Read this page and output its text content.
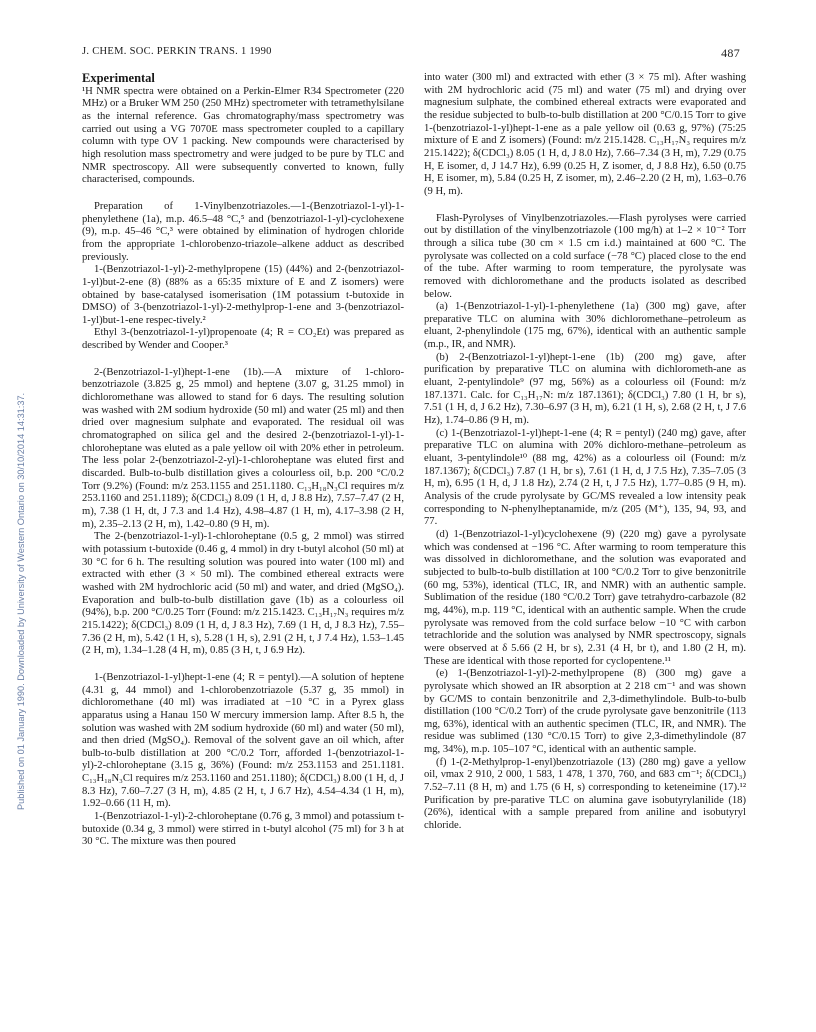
Published on 01 January 1990. Downloaded by University of Western Ontario on 30/10/2014 14:31:37.
J. CHEM. SOC. PERKIN TRANS. 1 1990	487
Experimental

¹H NMR spectra were obtained on a Perkin-Elmer R34 Spectrometer (220 MHz) or a Bruker WM 250 (250 MHz) spectrometer with tetramethylsilane as the internal reference. Gas chromatography/mass spectrometry was carried out using a VG 7070E mass spectrometer coupled to a capillary column with type OV 1 packing. New compounds were characterised by high resolution mass spectrometry and were judged to be pure by TLC and NMR spectroscopy. All were subsequently converted to known, fully characterised, compounds.

Preparation of 1-Vinylbenzotriazoles.—1-(Benzotriazol-1-yl)-1-phenylethene (1a), m.p. 46.5–48 °C,⁵ and (benzotriazol-1-yl)-cyclohexene (9), m.p. 45–46 °C,³ were obtained by elimination of hydrogen chloride from the appropriate 1-chlorobenzo-triazole–alkene adduct as described previously.

1-(Benzotriazol-1-yl)-2-methylpropene (15) (44%) and 2-(benzotriazol-1-yl)but-2-ene (8) (88% as a 65:35 mixture of E and Z isomers) were obtained by base-catalysed isomerisation (1M potassium t-butoxide in DMSO) of 3-(benzotriazol-1-yl)-2-methylprop-1-ene and 3-(benzotriazol-1-yl)but-1-ene respec-tively.²

Ethyl 3-(benzotriazol-1-yl)propenoate (4; R = CO₂Et) was prepared as described by Wender and Cooper.³

2-(Benzotriazol-1-yl)hept-1-ene (1b).—A mixture of 1-chloro-benzotriazole (3.825 g, 25 mmol) and heptene (3.07 g, 31.25 mmol) in dichloromethane was allowed to stand for 6 days. The resulting solution was washed with 2M sodium hydroxide (50 ml) and water (25 ml) and then dried over magnesium sulphate and evaporated. The residual oil was chromatographed on silica gel and the desired 2-(benzotriazol-1-yl)-1-chloroheptane was eluted as a pale yellow oil with 20% ether in petroleum. The less polar 2-(benzotriazol-2-yl)-1-chloroheptane was eluted first and discarded. Bulb-to-bulb distillation gives a colourless oil, b.p. 200 °C/0.2 Torr (9.2%) (Found: m/z 253.1155 and 251.1180. C₁₃H₁₈N₃Cl requires m/z 253.1160 and 251.1189); δ(CDCl₃) 8.09 (1 H, d, J 8.8 Hz), 7.57–7.47 (2 H, m), 7.38 (1 H, dt, J 7.3 and 1.4 Hz), 4.98–4.87 (1 H, m), 4.17–3.98 (2 H, m), 2.35–2.13 (2 H, m), 1.42–0.80 (9 H, m).

The 2-(benzotriazol-1-yl)-1-chloroheptane (0.5 g, 2 mmol) was stirred with potassium t-butoxide (0.46 g, 4 mmol) in dry t-butyl alcohol (50 ml) at 30 °C for 6 h. The resulting solution was poured into water (100 ml) and extracted with ether (3 × 50 ml). The combined ethereal extracts were washed with 2M hydrochloric acid (50 ml) and water, and dried (MgSO₄). Evaporation and bulb-to-bulb distillation gave (1b) as a colourless oil (94%), b.p. 200 °C/0.25 Torr (Found: m/z 215.1423. C₁₃H₁₇N₃ requires m/z 215.1422); δ(CDCl₃) 8.09 (1 H, d, J 8.3 Hz), 7.69 (1 H, d, J 8.3 Hz), 7.55–7.36 (2 H, m), 5.42 (1 H, s), 5.28 (1 H, s), 2.91 (2 H, t, J 7.4 Hz), 1.53–1.45 (2 H, m), 1.34–1.28 (4 H, m), 0.85 (3 H, t, J 6.9 Hz).

1-(Benzotriazol-1-yl)hept-1-ene (4; R = pentyl).—A solution of heptene (4.31 g, 44 mmol) and 1-chlorobenzotriazole (5.37 g, 35 mmol) in dichloromethane (40 ml) was irradiated at −10 °C in a Pyrex glass apparatus using a Hanau 150 W mercury immersion lamp. After 8.5 h, the solution was washed with 2M sodium hydroxide (60 ml) and water (50 ml), and then dried (MgSO₄). Removal of the solvent gave an oil which, after bulb-to-bulb distillation at 200 °C/0.2 Torr, afforded 1-(benzotriazol-1-yl)-2-chloroheptane (3.15 g, 36%) (Found: m/z 253.1153 and 251.1181. C₁₃H₁₈N₃Cl requires m/z 253.1160 and 251.1180); δ(CDCl₃) 8.00 (1 H, d, J 8.3 Hz), 7.60–7.27 (3 H, m), 4.85 (2 H, t, J 6.7 Hz), 4.54–4.34 (1 H, m), 1.92–0.66 (11 H, m).

1-(Benzotriazol-1-yl)-2-chloroheptane (0.76 g, 3 mmol) and potassium t-butoxide (0.34 g, 3 mmol) were stirred in t-butyl alcohol (75 ml) for 3 h at 30 °C. The mixture was then poured

into water (300 ml) and extracted with ether (3 × 75 ml). After washing with 2M hydrochloric acid (75 ml) and water (75 ml) and drying over magnesium sulphate, the combined ethereal extracts were evaporated and the residue subjected to bulb-to-bulb distillation at 200 °C/0.15 Torr to give 1-(benzotriazol-1-yl)hept-1-ene as a pale yellow oil (0.63 g, 97%) (75:25 mixture of E and Z isomers) (Found: m/z 215.1428. C₁₃H₁₇N₃ requires m/z 215.1422); δ(CDCl₃) 8.05 (1 H, d, J 8.0 Hz), 7.66–7.34 (3 H, m), 7.29 (0.75 H, E isomer, d, J 14.7 Hz), 6.99 (0.25 H, Z isomer, d, J 8.8 Hz), 6.50 (0.75 H, E isomer, m), 5.84 (0.25 H, Z isomer, m), 2.46–2.20 (2 H, m), 1.63–0.76 (9 H, m).

Flash-Pyrolyses of Vinylbenzotriazoles.—Flash pyrolyses were carried out by distillation of the vinylbenzotriazole (100 mg/h) at 1–2 × 10⁻² Torr through a silica tube (30 cm × 1.5 cm i.d.) maintained at 600 °C. The pyrolysate was collected on a cold surface (−78 °C) placed close to the end of the tube. After warming to room temperature, the pyrolysate was removed with dichloromethane and the products isolated as described below.

(a) 1-(Benzotriazol-1-yl)-1-phenylethene (1a) (300 mg) gave, after preparative TLC on alumina with 30% dichloromethane–petroleum as eluant, 2-phenylindole (175 mg, 67%), identical with an authentic sample (m.p., IR, and NMR).

(b) 2-(Benzotriazol-1-yl)hept-1-ene (1b) (200 mg) gave, after purification by preparative TLC on alumina with dichlorometh-ane as eluant, 2-pentylindole⁹ (97 mg, 56%) as a colourless oil (Found: m/z 187.1371. Calc. for C₁₃H₁₇N: m/z 187.1361); δ(CDCl₃) 7.80 (1 H, br s), 7.51 (1 H, d, J 6.2 Hz), 7.30–6.97 (3 H, m), 6.21 (1 H, s), 2.68 (2 H, t, J 7.6 Hz), 1.74–0.86 (9 H, m).

(c) 1-(Benzotriazol-1-yl)hept-1-ene (4; R = pentyl) (240 mg) gave, after preparative TLC on alumina with 20% dichloro-methane–petroleum as eluant, 3-pentylindole¹⁰ (88 mg, 42%) as a colourless oil (Found: m/z 187.1367); δ(CDCl₃) 7.87 (1 H, br s), 7.61 (1 H, d, J 7.5 Hz), 7.35–7.05 (3 H, m), 6.95 (1 H, d, J 1.8 Hz), 2.74 (2 H, t, J 7.5 Hz), 1.77–0.85 (9 H, m). Analysis of the crude pyrolysate by GC/MS revealed a low intensity peak corresponding to N-phenylheptanamide, m/z (205 (M⁺), 135, 94, 93, and 77.

(d) 1-(Benzotriazol-1-yl)cyclohexene (9) (220 mg) gave a pyrolysate which was condensed at −196 °C. After warming to room temperature this was dissolved in dichloromethane, and the solution was evaporated and subjected to bulb-to-bulb distillation at 100 °C/0.2 Torr to give benzonitrile (60 mg, 53%), identical (TLC, IR, and NMR) with an authentic sample. Sublimation of the residue (180 °C/0.2 Torr) gave tetrahydro-carbazole (82 mg, 44%), m.p. 119 °C, identical with an authentic sample. When the crude pyrolysate was removed from the cold surface below −10 °C with carbon tetrachloride and the solution was analysed by NMR spectroscopy, signals were observed at δ 5.66 (2 H, br s), 2.31 (4 H, br t), and 1.80 (2 H, m). These are identical with those reported for cyclopentene.¹¹

(e) 1-(Benzotriazol-1-yl)-2-methylpropene (8) (300 mg) gave a pyrolysate which showed an IR absorption at 2 218 cm⁻¹ and was shown by GC/MS to contain benzonitrile and 2,3-dimethylindole. Bulb-to-bulb distillation (100 °C/0.2 Torr) of the crude pyrolysate gave benzonitrile (113 mg, 63%), identical with an authentic specimen (TLC, IR, and NMR). The residue was sublimed (130 °C/0.15 Torr) to give 2,3-dimethylindole (87 mg, 34%), m.p. 105–107 °C, identical with an authentic sample.

(f) 1-(2-Methylprop-1-enyl)benzotriazole (13) (280 mg) gave a yellow oil, νmax 2 910, 2 000, 1 583, 1 478, 1 370, 760, and 683 cm⁻¹; δ(CDCl₃) 7.52–7.11 (8 H, m) and 1.75 (6 H, s) corresponding to keteneimine (17).¹² Purification by pre-parative TLC on alumina gave isobutyrylanilide (18) (26%), identical with a sample prepared from aniline and isobutyryl chloride.
